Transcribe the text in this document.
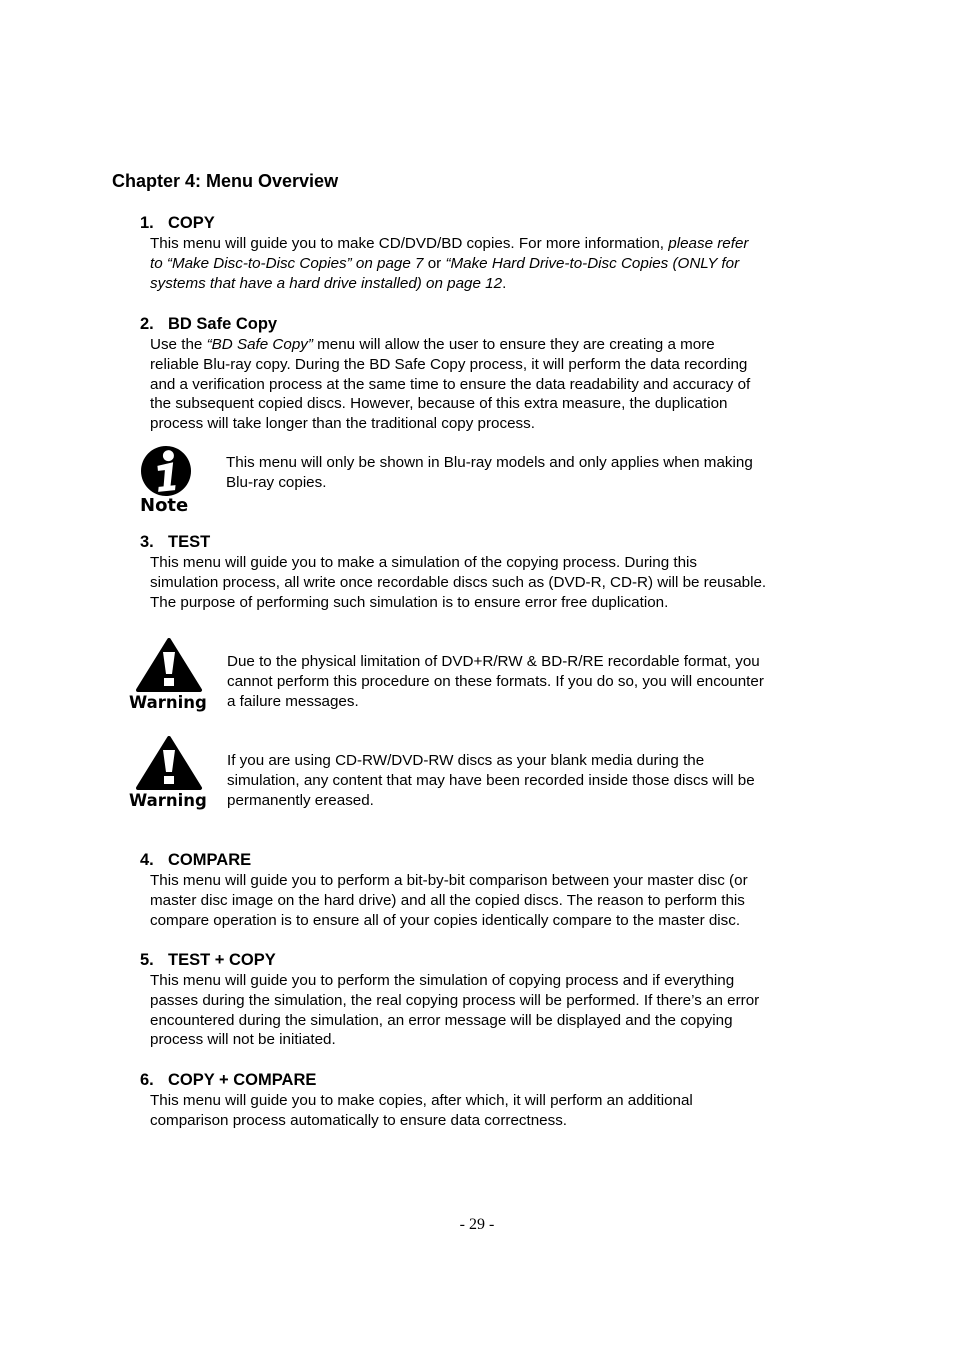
Chapter 4: Menu Overview
1. COPY
This menu will guide you to make CD/DVD/BD copies. For more information, please refer
to “Make Disc-to-Disc Copies” on page 7 or “Make Hard Drive-to-Disc Copies (ONLY for
systems that have a hard drive installed) on page 12.
2. BD Safe Copy
Use the “BD Safe Copy” menu will allow the user to ensure they are creating a more
reliable Blu-ray copy. During the BD Safe Copy process, it will perform the data recording
and a verification process at the same time to ensure the data readability and accuracy of
the subsequent copied discs. However, because of this extra measure, the duplication
process will take longer than the traditional copy process.
Note
This menu will only be shown in Blu-ray models and only applies when making
Blu-ray copies.
3. TEST
This menu will guide you to make a simulation of the copying process. During this
simulation process, all write once recordable discs such as (DVD-R, CD-R) will be reusable.
The purpose of performing such simulation is to ensure error free duplication.
Warning
Due to the physical limitation of DVD+R/RW & BD-R/RE recordable format, you
cannot perform this procedure on these formats. If you do so, you will encounter
a failure messages.
Warning
If you are using CD-RW/DVD-RW discs as your blank media during the
simulation, any content that may have been recorded inside those discs will be
permanently ereased.
4. COMPARE
This menu will guide you to perform a bit-by-bit comparison between your master disc (or
master disc image on the hard drive) and all the copied discs. The reason to perform this
compare operation is to ensure all of your copies identically compare to the master disc.
5. TEST + COPY
This menu will guide you to perform the simulation of copying process and if everything
passes during the simulation, the real copying process will be performed. If there’s an error
encountered during the simulation, an error message will be displayed and the copying
process will not be initiated.
6. COPY + COMPARE
This menu will guide you to make copies, after which, it will perform an additional
comparison process automatically to ensure data correctness.
- 29 -
